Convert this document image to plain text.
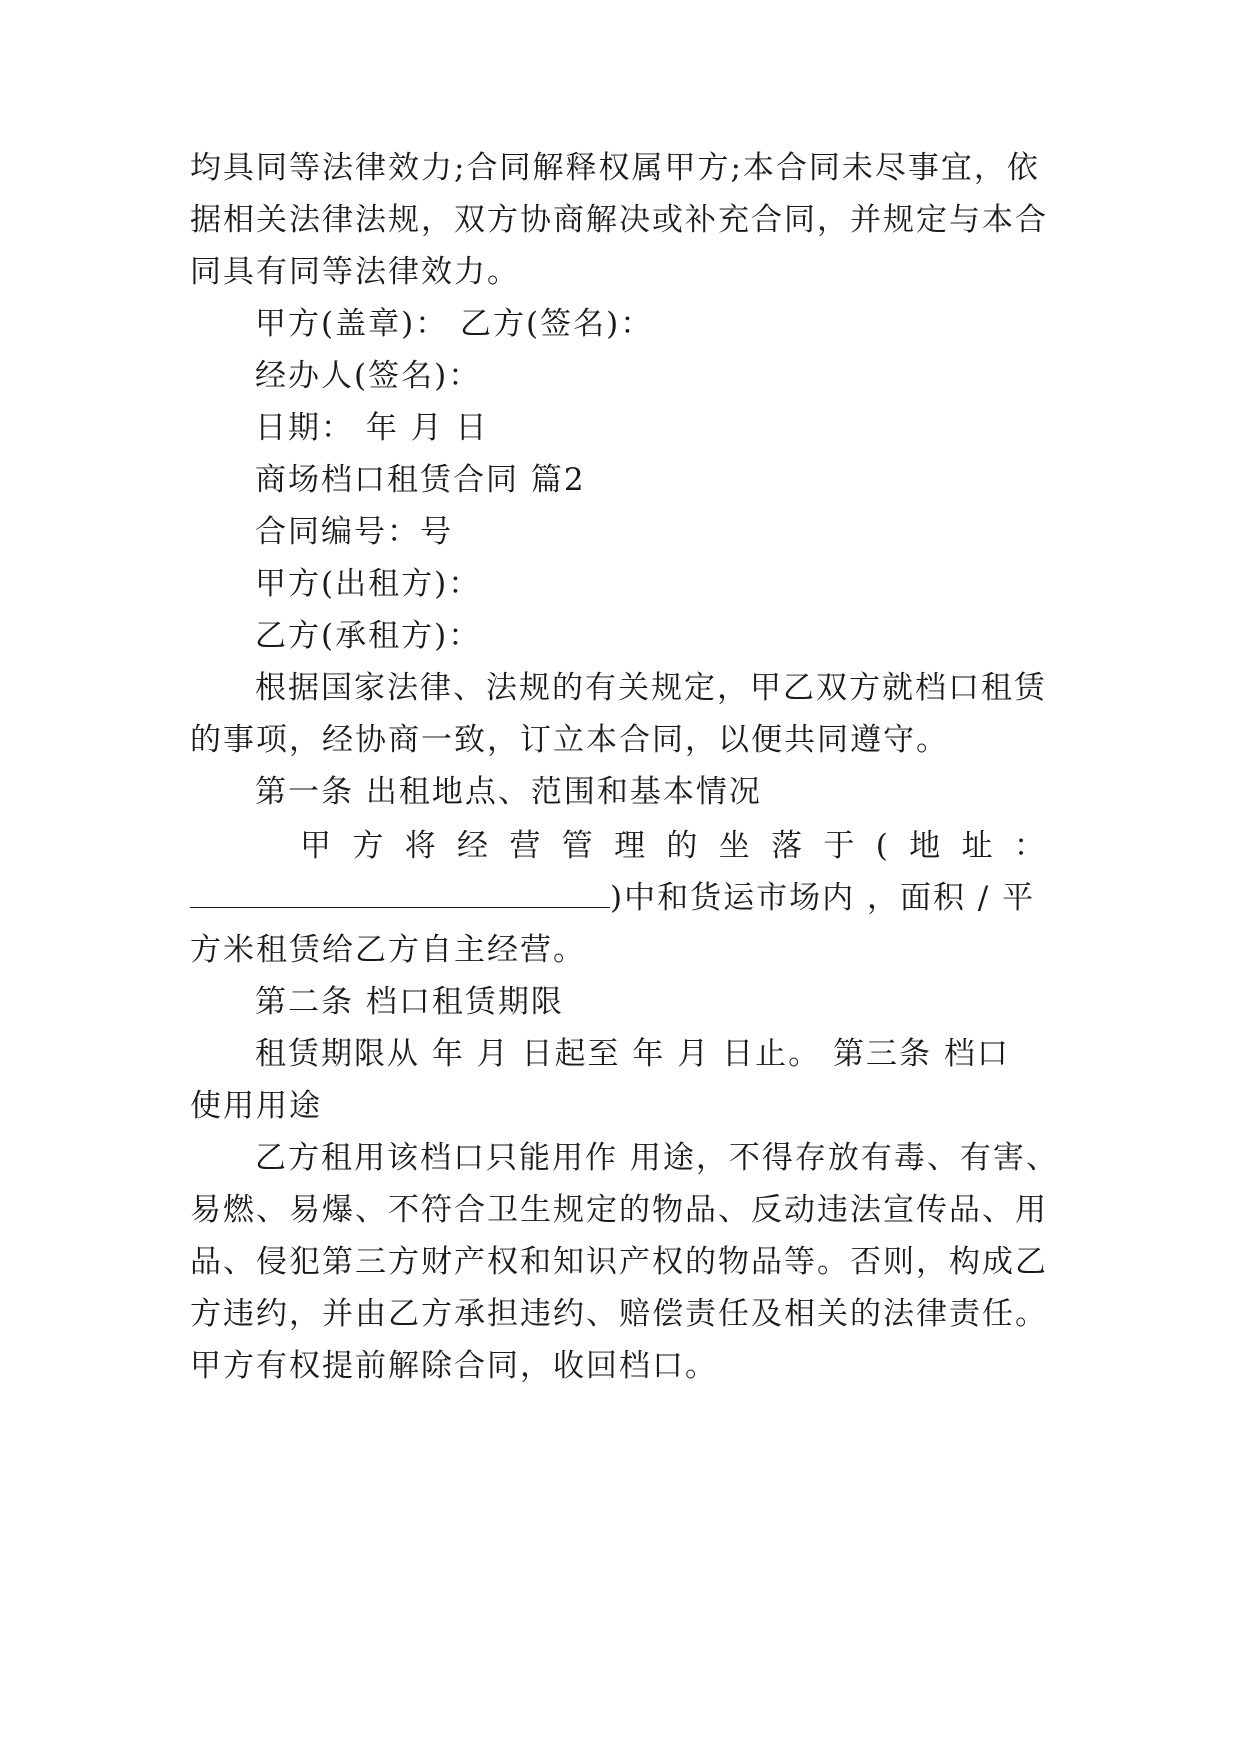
均具同等法律效力;合同解释权属甲方;本合同未尽事宜，依
据相关法律法规，双方协商解决或补充合同，并规定与本合
同具有同等法律效力。
甲方(盖章)： 乙方(签名)：
经办人(签名)：
日期： 年 月 日
商场档口租赁合同 篇2
合同编号：号
甲方(出租方)：
乙方(承租方)：
根据国家法律、法规的有关规定，甲乙双方就档口租赁
的事项，经协商一致，订立本合同，以便共同遵守。
第一条 出租地点、范围和基本情况
甲 方 将 经 营 管 理 的 坐 落 于 ( 地 址 ：
)中和货运市场内 ，面积 / 平
方米租赁给乙方自主经营。
第二条 档口租赁期限
租赁期限从 年 月 日起至 年 月 日止。 第三条 档口
使用用途
乙方租用该档口只能用作 用途，不得存放有毒、有害、
易燃、易爆、不符合卫生规定的物品、反动违法宣传品、用
品、侵犯第三方财产权和知识产权的物品等。否则，构成乙
方违约，并由乙方承担违约、赔偿责任及相关的法律责任。
甲方有权提前解除合同，收回档口。
